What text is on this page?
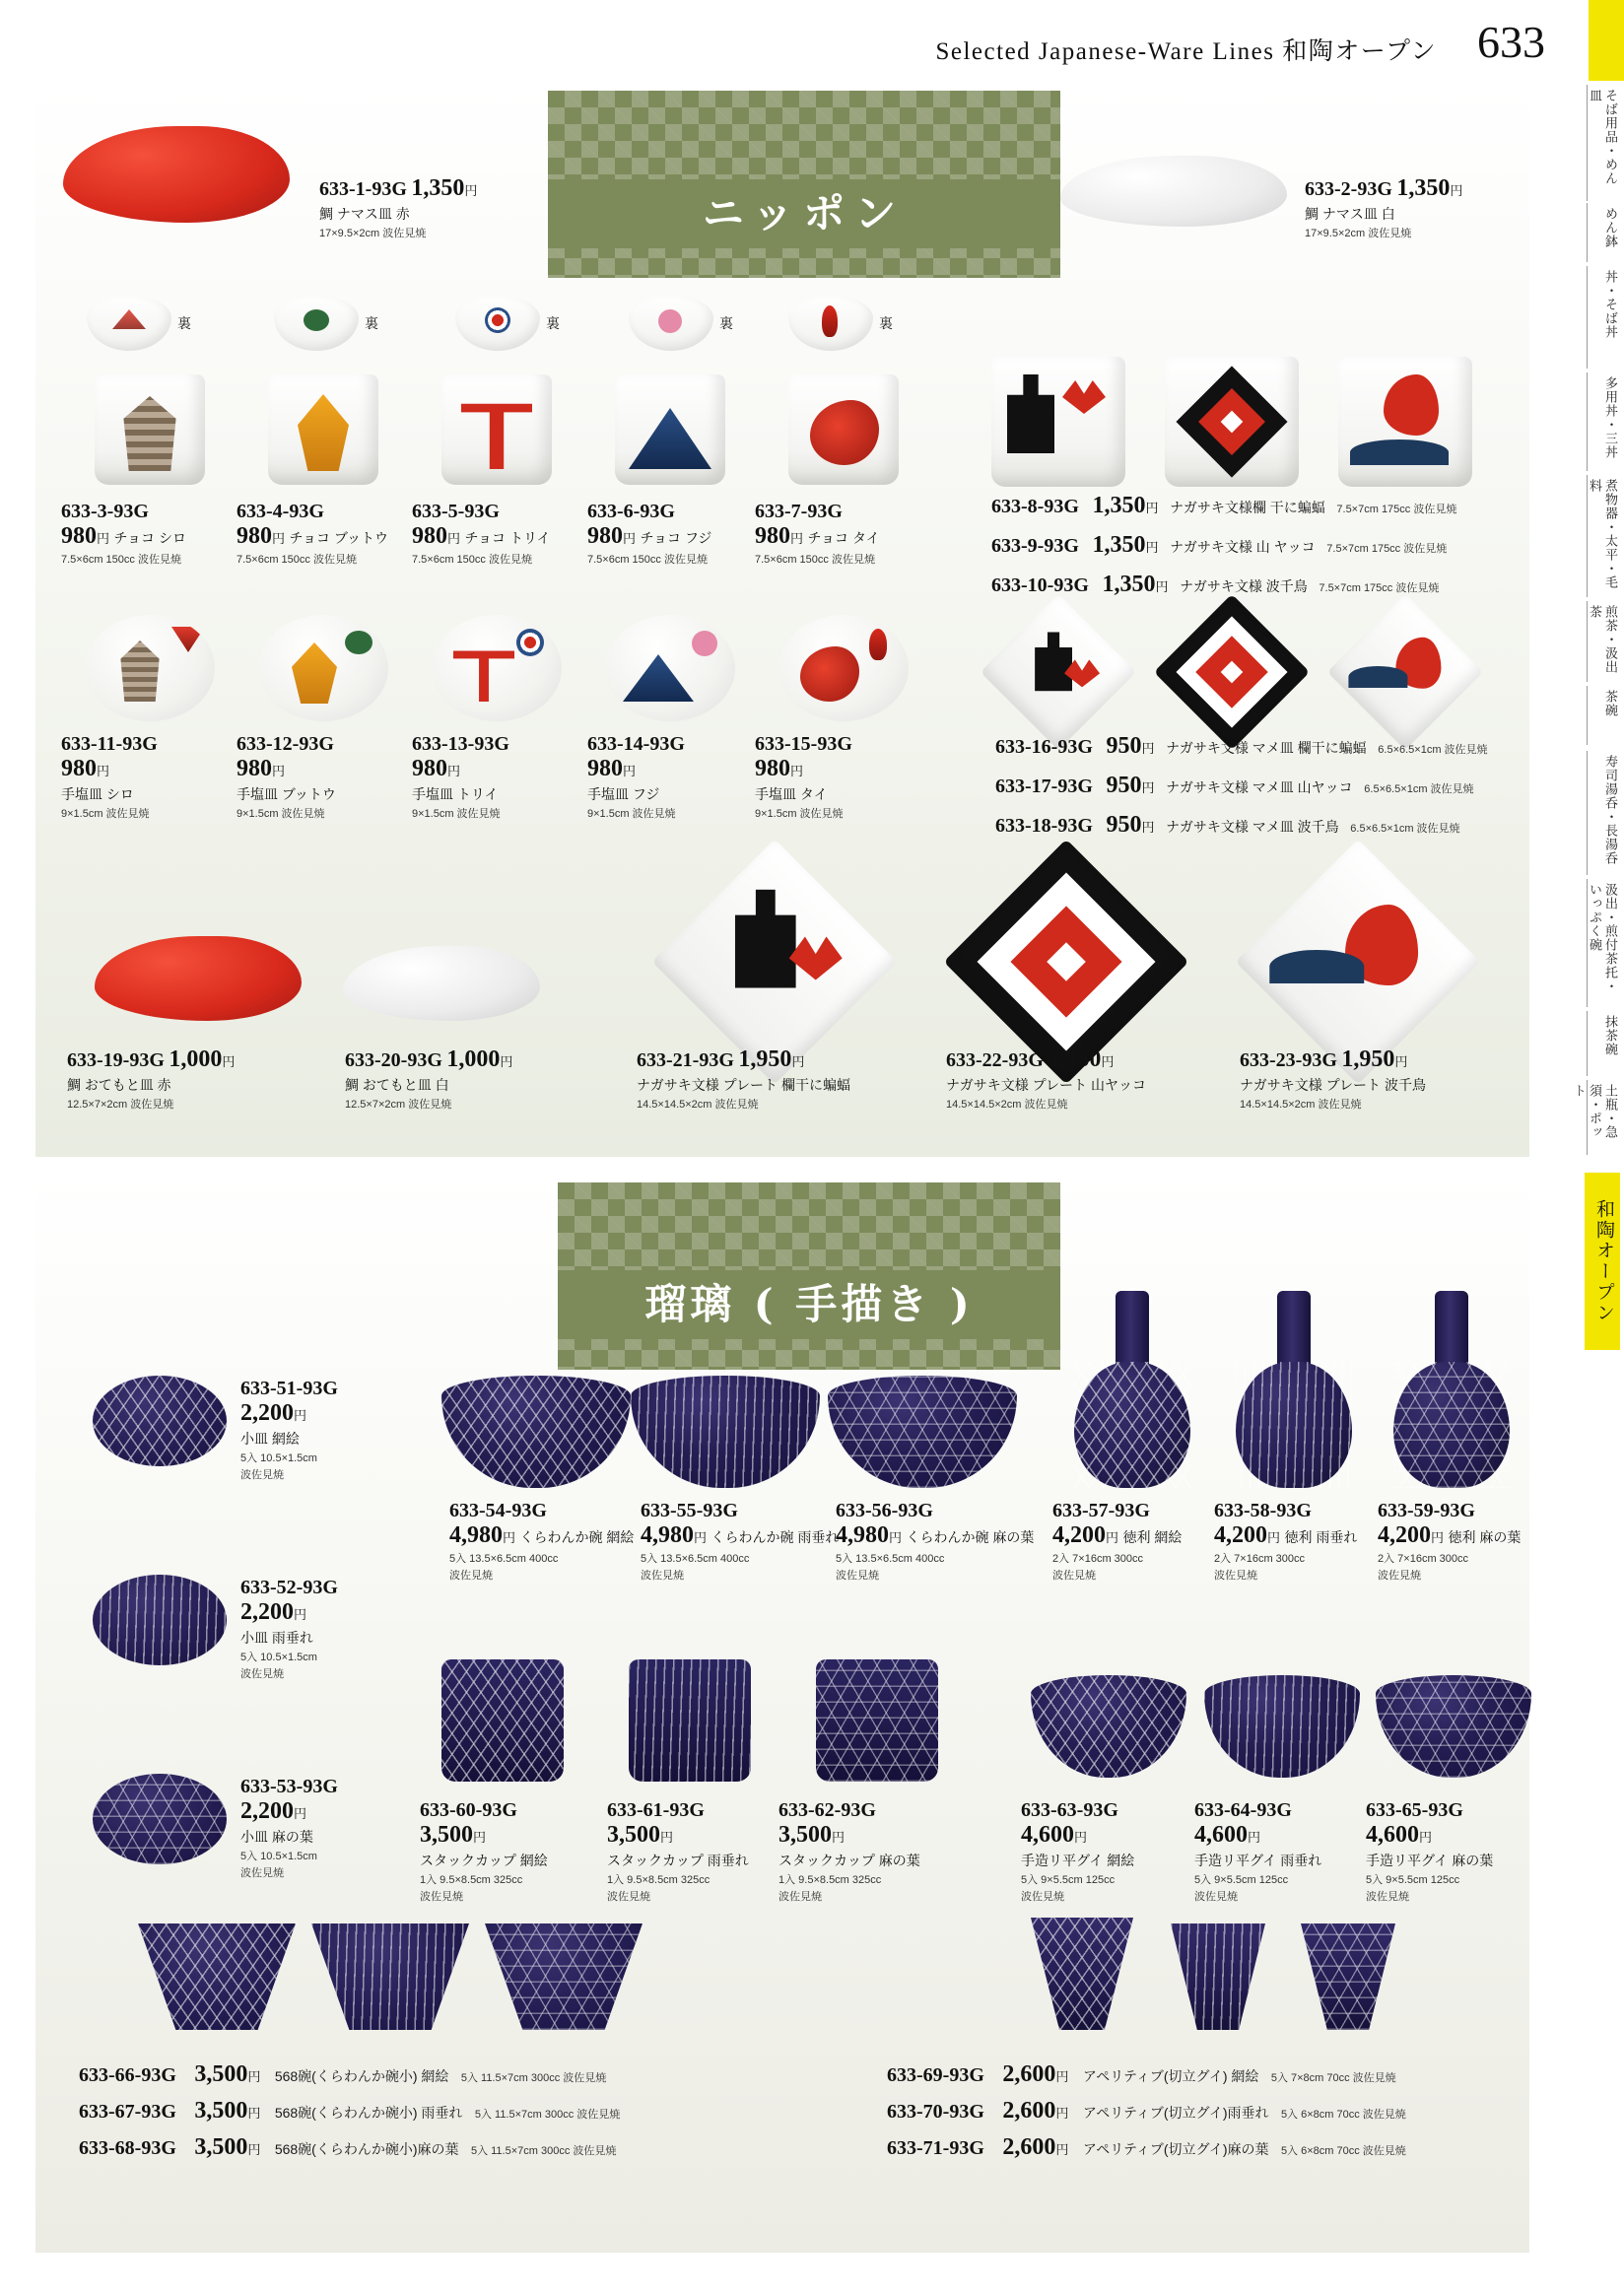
Selected Japanese-Ware Lines 和陶オープン 633
そば用品・めん皿
めん鉢
丼・そば丼
多用丼・三丼
煮物器・太平・毛料
煎茶・汲出茶
茶碗
寿司湯呑・長湯呑
汲出・煎付茶托・いっぷく碗
抹茶碗
土瓶・急須・ポット
和陶オープン
ニッポン
633-1-93G 1,350円
鯛 ナマス皿 赤
17×9.5×2cm 波佐見焼
633-2-93G 1,350円
鯛 ナマス皿 白
17×9.5×2cm 波佐見焼
裏	裏	裏	裏	裏
633-3-93G
980円 チョコ シロ
7.5×6cm 150cc 波佐見焼
633-4-93G
980円 チョコ ブットウ
7.5×6cm 150cc 波佐見焼
633-5-93G
980円 チョコ トリイ
7.5×6cm 150cc 波佐見焼
633-6-93G
980円 チョコ フジ
7.5×6cm 150cc 波佐見焼
633-7-93G
980円 チョコ タイ
7.5×6cm 150cc 波佐見焼
633-8-93G 1,350円 ナガサキ文様欄 干に蝙蝠 7.5×7cm 175cc 波佐見焼
633-9-93G 1,350円 ナガサキ文様 山 ヤッコ 7.5×7cm 175cc 波佐見焼
633-10-93G 1,350円 ナガサキ文様 波千鳥 7.5×7cm 175cc 波佐見焼
633-11-93G
980円
手塩皿 シロ
9×1.5cm 波佐見焼
633-12-93G
980円
手塩皿 ブットウ
9×1.5cm 波佐見焼
633-13-93G
980円
手塩皿 トリイ
9×1.5cm 波佐見焼
633-14-93G
980円
手塩皿 フジ
9×1.5cm 波佐見焼
633-15-93G
980円
手塩皿 タイ
9×1.5cm 波佐見焼
633-16-93G 950円 ナガサキ文様 マメ皿 欄干に蝙蝠 6.5×6.5×1cm 波佐見焼
633-17-93G 950円 ナガサキ文様 マメ皿 山ヤッコ 6.5×6.5×1cm 波佐見焼
633-18-93G 950円 ナガサキ文様 マメ皿 波千鳥 6.5×6.5×1cm 波佐見焼
633-19-93G 1,000円
鯛 おてもと皿 赤
12.5×7×2cm 波佐見焼
633-20-93G 1,000円
鯛 おてもと皿 白
12.5×7×2cm 波佐見焼
633-21-93G 1,950円
ナガサキ文様 プレート 欄干に蝙蝠
14.5×14.5×2cm 波佐見焼
633-22-93G 1,950円
ナガサキ文様 プレート 山ヤッコ
14.5×14.5×2cm 波佐見焼
633-23-93G 1,950円
ナガサキ文様 プレート 波千鳥
14.5×14.5×2cm 波佐見焼
瑠璃 ( 手描き )
633-51-93G
2,200円
小皿 網絵
5入 10.5×1.5cm
波佐見焼
633-52-93G
2,200円
小皿 雨垂れ
5入 10.5×1.5cm
波佐見焼
633-53-93G
2,200円
小皿 麻の葉
5入 10.5×1.5cm
波佐見焼
633-54-93G
4,980円 くらわんか碗 網絵
5入 13.5×6.5cm 400cc
波佐見焼
633-55-93G
4,980円 くらわんか碗 雨垂れ
5入 13.5×6.5cm 400cc
波佐見焼
633-56-93G
4,980円 くらわんか碗 麻の葉
5入 13.5×6.5cm 400cc
波佐見焼
633-57-93G
4,200円 徳利 網絵
2入 7×16cm 300cc
波佐見焼
633-58-93G
4,200円 徳利 雨垂れ
2入 7×16cm 300cc
波佐見焼
633-59-93G
4,200円 徳利 麻の葉
2入 7×16cm 300cc
波佐見焼
633-60-93G
3,500円
スタックカップ 網絵
1入 9.5×8.5cm 325cc
波佐見焼
633-61-93G
3,500円
スタックカップ 雨垂れ
1入 9.5×8.5cm 325cc
波佐見焼
633-62-93G
3,500円
スタックカップ 麻の葉
1入 9.5×8.5cm 325cc
波佐見焼
633-63-93G
4,600円
手造リ平グイ 網絵
5入 9×5.5cm 125cc
波佐見焼
633-64-93G
4,600円
手造リ平グイ 雨垂れ
5入 9×5.5cm 125cc
波佐見焼
633-65-93G
4,600円
手造リ平グイ 麻の葉
5入 9×5.5cm 125cc
波佐見焼
633-66-93G 3,500円 568碗(くらわんか碗小) 網絵 5入 11.5×7cm 300cc 波佐見焼
633-67-93G 3,500円 568碗(くらわんか碗小) 雨垂れ 5入 11.5×7cm 300cc 波佐見焼
633-68-93G 3,500円 568碗(くらわんか碗小)麻の葉 5入 11.5×7cm 300cc 波佐見焼
633-69-93G 2,600円 アペリティブ(切立グイ) 網絵 5入 7×8cm 70cc 波佐見焼
633-70-93G 2,600円 アペリティブ(切立グイ)雨垂れ 5入 6×8cm 70cc 波佐見焼
633-71-93G 2,600円 アペリティブ(切立グイ)麻の葉 5入 6×8cm 70cc 波佐見焼
